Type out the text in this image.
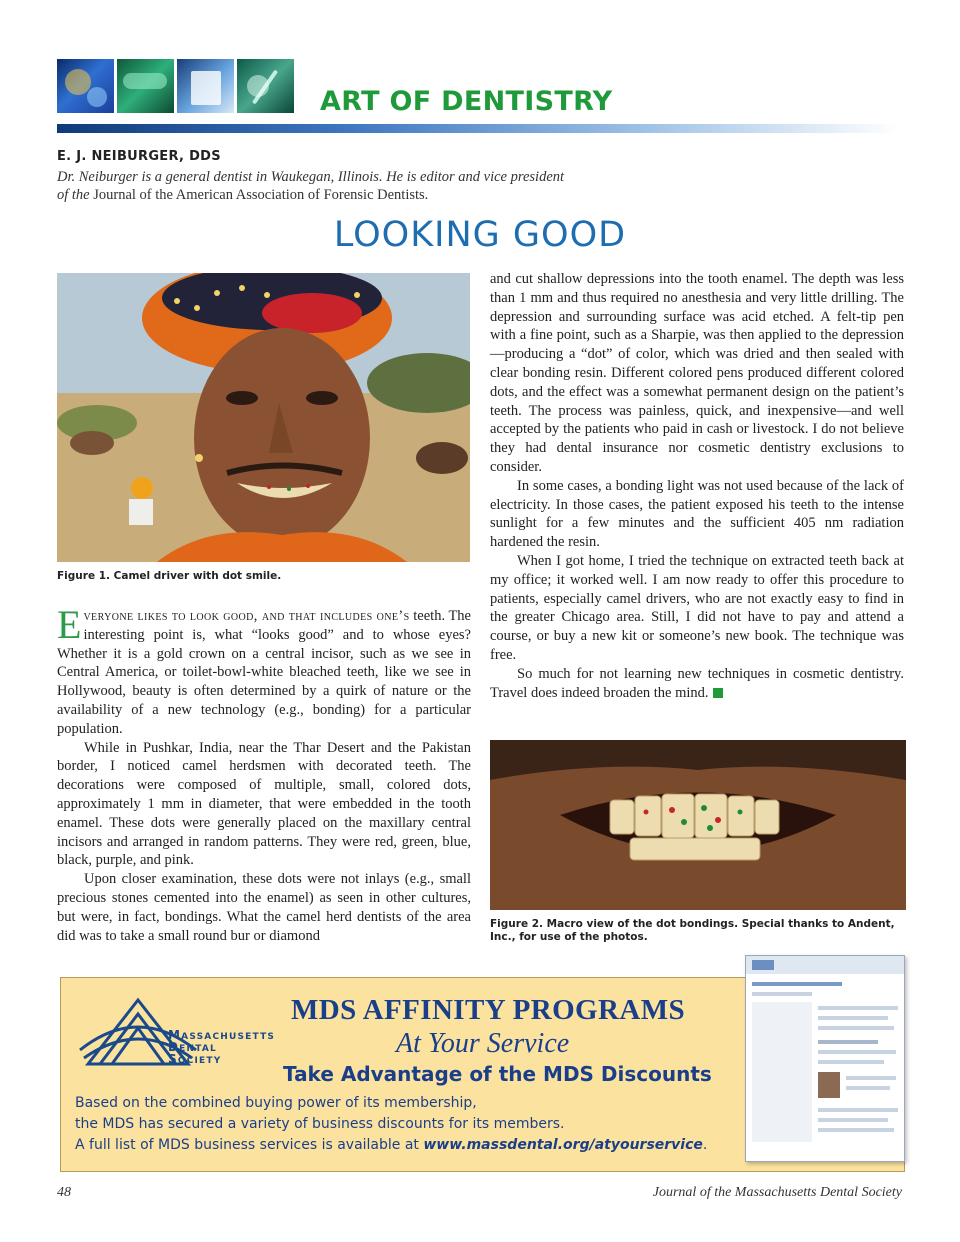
ART OF DENTISTRY
E. J. NEIBURGER, DDS
Dr. Neiburger is a general dentist in Waukegan, Illinois. He is editor and vice president of the Journal of the American Association of Forensic Dentists.
LOOKING GOOD
Figure 1. Camel driver with dot smile.

Everyone likes to look good, and that includes one’s teeth. The interesting point is, what “looks good” and to whose eyes? Whether it is a gold crown on a central incisor, such as we see in Central America, or toilet-bowl-white bleached teeth, like we see in Hollywood, beauty is often determined by a quirk of nature or the availability of a new technology (e.g., bonding) for a particular population.

While in Pushkar, India, near the Thar Desert and the Pakistan border, I noticed camel herdsmen with decorated teeth. The decorations were composed of multiple, small, colored dots, approximately 1 mm in diameter, that were embedded in the tooth enamel. These dots were generally placed on the maxillary central incisors and arranged in random patterns. They were red, green, blue, black, purple, and pink.

Upon closer examination, these dots were not inlays (e.g., small precious stones cemented into the enamel) as seen in other cultures, but were, in fact, bondings. What the camel herd dentists of the area did was to take a small round bur or diamond

and cut shallow depressions into the tooth enamel. The depth was less than 1 mm and thus required no anesthesia and very little drilling. The depression and surrounding surface was acid etched. A felt-tip pen with a fine point, such as a Sharpie, was then applied to the depression—producing a “dot” of color, which was dried and then sealed with clear bonding resin. Different colored pens produced different colored dots, and the effect was a somewhat permanent design on the patient’s teeth. The process was painless, quick, and inexpensive—and well accepted by the patients who paid in cash or livestock. I do not believe they had dental insurance nor cosmetic dentistry exclusions to consider.

In some cases, a bonding light was not used because of the lack of electricity. In those cases, the patient exposed his teeth to the intense sunlight for a few minutes and the sufficient 405 nm radiation hardened the resin.

When I got home, I tried the technique on extracted teeth back at my office; it worked well. I am now ready to offer this procedure to patients, especially camel drivers, who are not exactly easy to find in the greater Chicago area. Still, I did not have to pay and attend a course, or buy a new kit or someone’s new book. The technique was free.

So much for not learning new techniques in cosmetic dentistry. Travel does indeed broaden the mind.

Figure 2. Macro view of the dot bondings. Special thanks to Andent, Inc., for use of the photos.
MASSACHUSETTS
DENTAL
SOCIETY
MDS AFFINITY PROGRAMS
At Your Service
Take Advantage of the MDS Discounts
Based on the combined buying power of its membership,
the MDS has secured a variety of business discounts for its members.
A full list of MDS business services is available at www.massdental.org/atyourservice.
48	Journal of the Massachusetts Dental Society
